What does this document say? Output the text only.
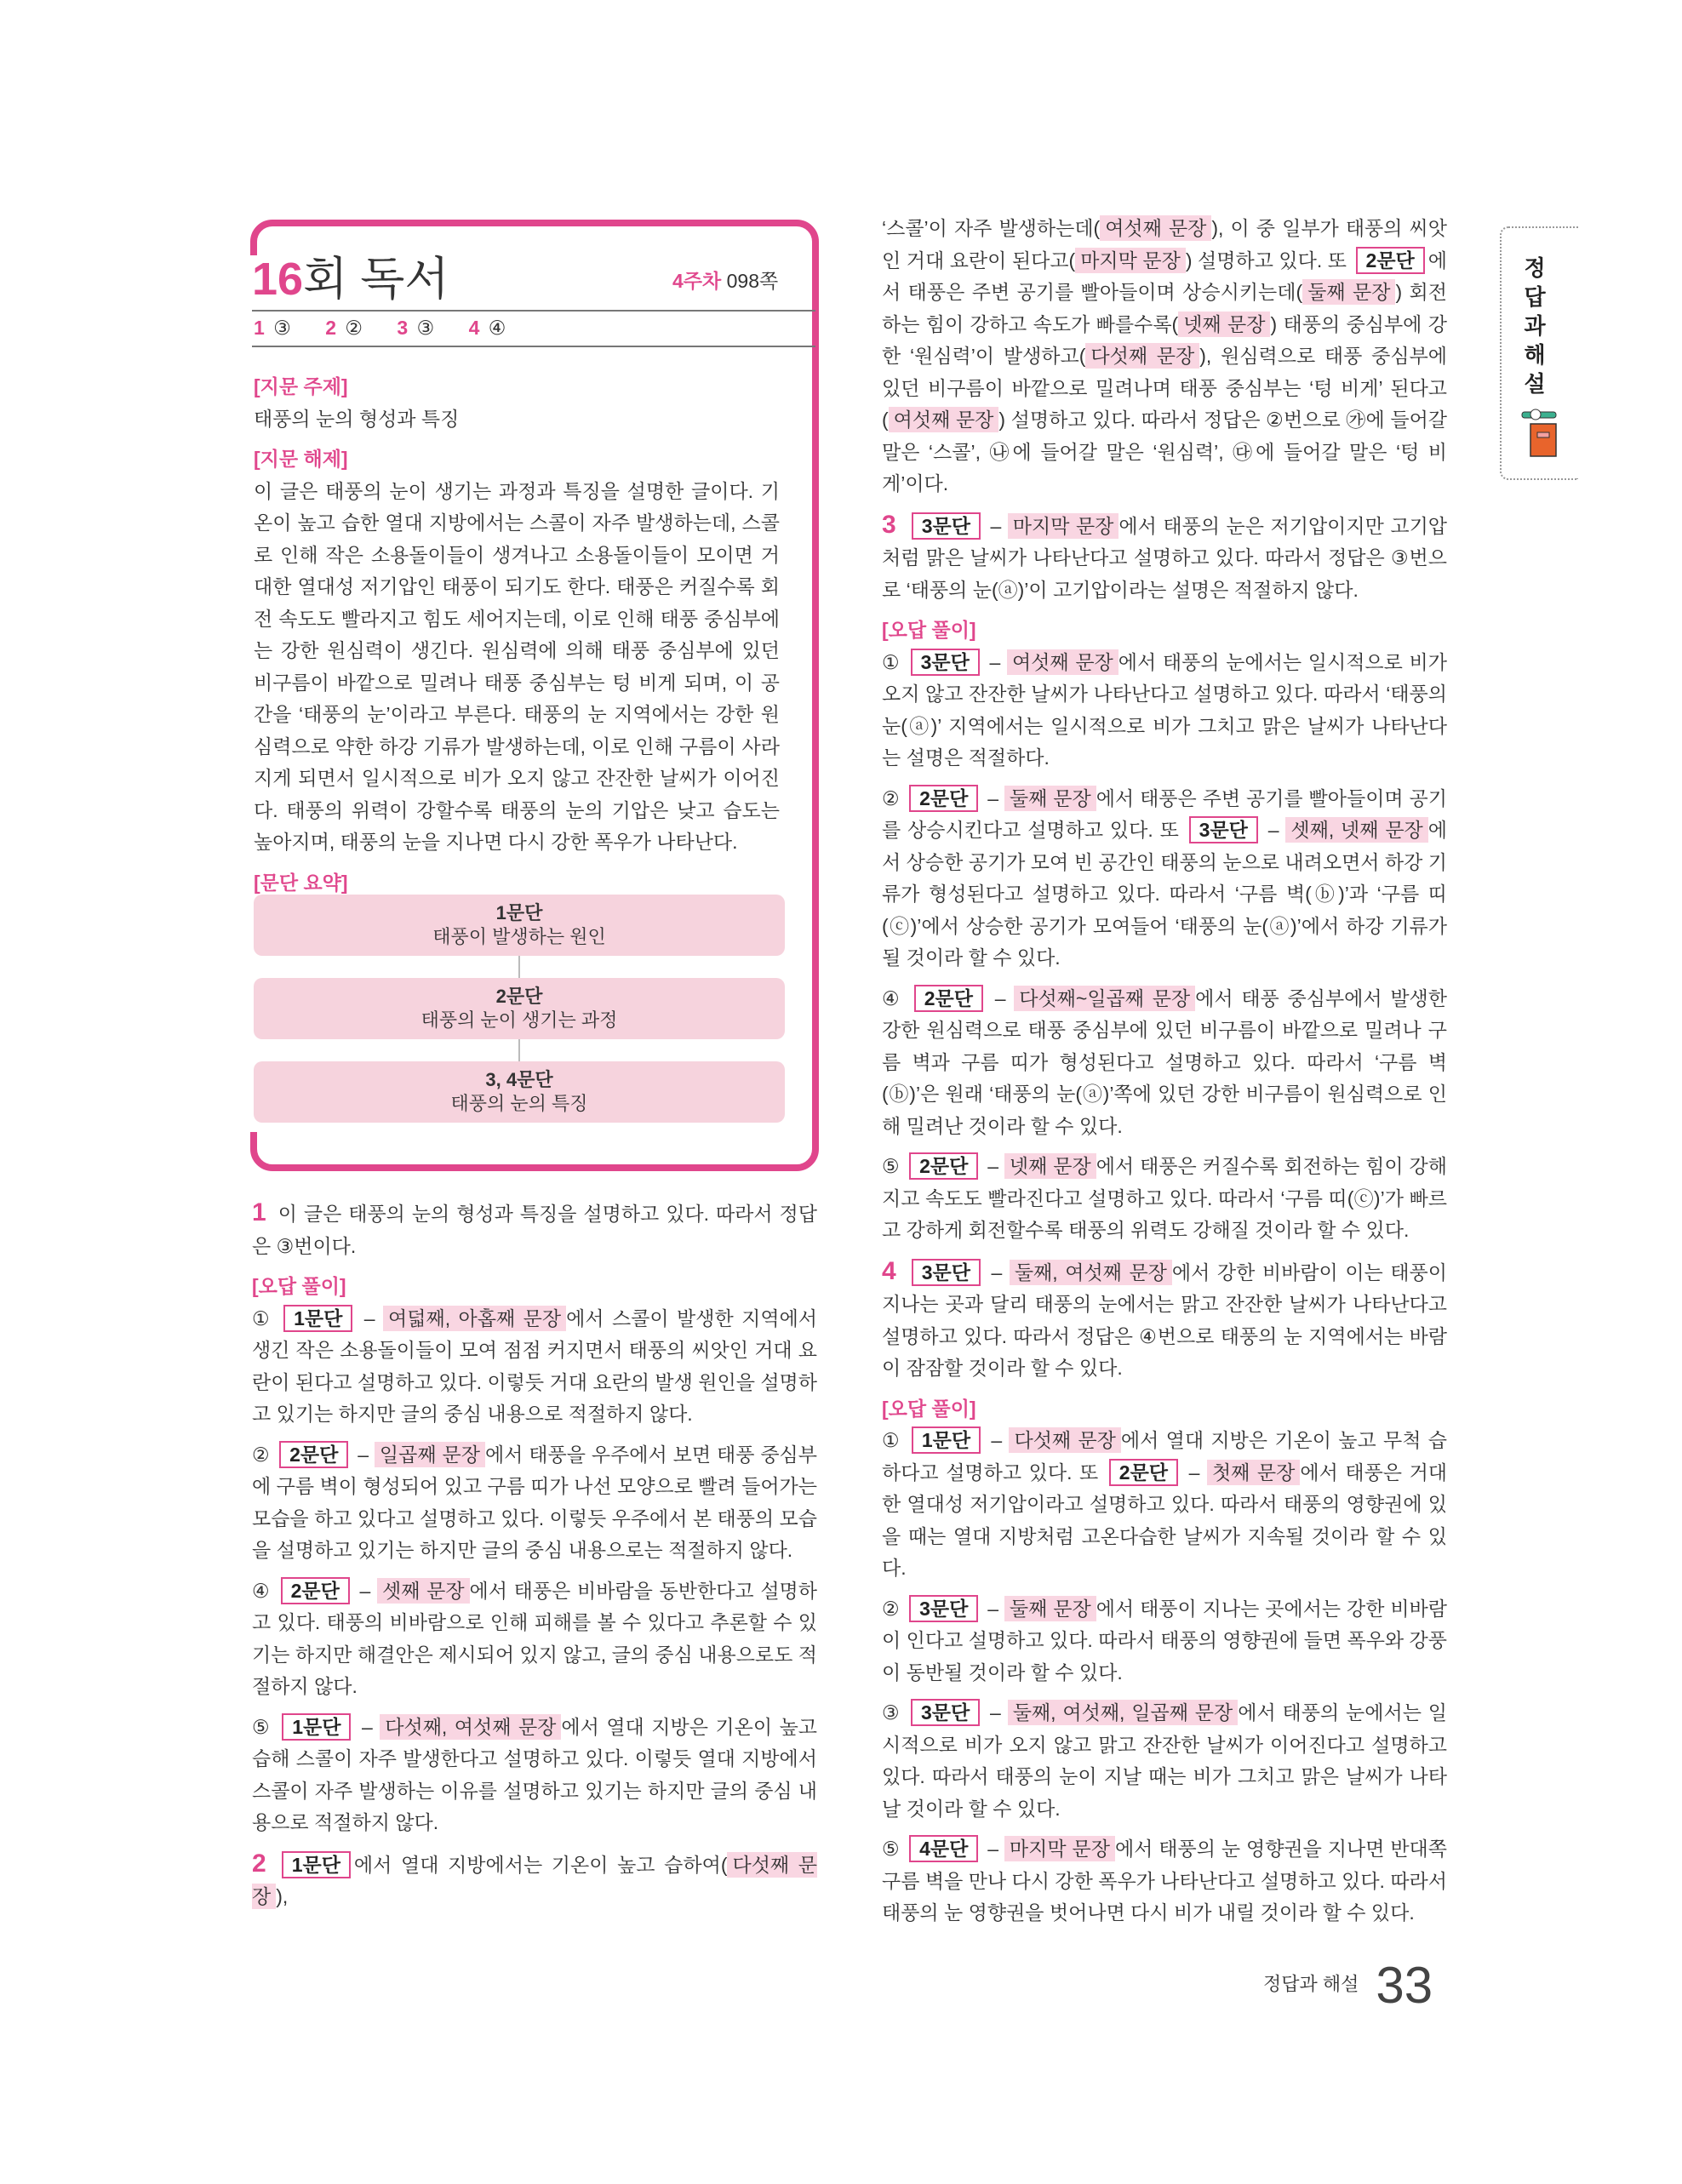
16회 독서	4주차 098쪽
1 ③ 2 ② 3 ③ 4 ④
[지문 주제]
태풍의 눈의 형성과 특징
[지문 해제]
이 글은 태풍의 눈이 생기는 과정과 특징을 설명한 글이다. 기온이 높고 습한 열대 지방에서는 스콜이 자주 발생하는데, 스콜로 인해 작은 소용돌이들이 생겨나고 소용돌이들이 모이면 거대한 열대성 저기압인 태풍이 되기도 한다. 태풍은 커질수록 회전 속도도 빨라지고 힘도 세어지는데, 이로 인해 태풍 중심부에는 강한 원심력이 생긴다. 원심력에 의해 태풍 중심부에 있던 비구름이 바깥으로 밀려나 태풍 중심부는 텅 비게 되며, 이 공간을 ‘태풍의 눈’이라고 부른다. 태풍의 눈 지역에서는 강한 원심력으로 약한 하강 기류가 발생하는데, 이로 인해 구름이 사라지게 되면서 일시적으로 비가 오지 않고 잔잔한 날씨가 이어진다. 태풍의 위력이 강할수록 태풍의 눈의 기압은 낮고 습도는 높아지며, 태풍의 눈을 지나면 다시 강한 폭우가 나타난다.
[문단 요약]
1문단
태풍이 발생하는 원인
2문단
태풍의 눈이 생기는 과정
3, 4문단
태풍의 눈의 특징
1 이 글은 태풍의 눈의 형성과 특징을 설명하고 있다. 따라서 정답은 ③번이다.
[오답 풀이]
① 1문단 – 여덟째, 아홉째 문장 에서 스콜이 발생한 지역에서 생긴 작은 소용돌이들이 모여 점점 커지면서 태풍의 씨앗인 거대 요란이 된다고 설명하고 있다. 이렇듯 거대 요란의 발생 원인을 설명하고 있기는 하지만 글의 중심 내용으로 적절하지 않다.
② 2문단 – 일곱째 문장 에서 태풍을 우주에서 보면 태풍 중심부에 구름 벽이 형성되어 있고 구름 띠가 나선 모양으로 빨려 들어가는 모습을 하고 있다고 설명하고 있다. 이렇듯 우주에서 본 태풍의 모습을 설명하고 있기는 하지만 글의 중심 내용으로는 적절하지 않다.
④ 2문단 – 셋째 문장 에서 태풍은 비바람을 동반한다고 설명하고 있다. 태풍의 비바람으로 인해 피해를 볼 수 있다고 추론할 수 있기는 하지만 해결안은 제시되어 있지 않고, 글의 중심 내용으로도 적절하지 않다.
⑤ 1문단 – 다섯째, 여섯째 문장 에서 열대 지방은 기온이 높고 습해 스콜이 자주 발생한다고 설명하고 있다. 이렇듯 열대 지방에서 스콜이 자주 발생하는 이유를 설명하고 있기는 하지만 글의 중심 내용으로 적절하지 않다.
2 1문단 에서 열대 지방에서는 기온이 높고 습하여( 다섯째 문장 ),
‘스콜’이 자주 발생하는데( 여섯째 문장 ), 이 중 일부가 태풍의 씨앗인 거대 요란이 된다고( 마지막 문장 ) 설명하고 있다. 또 2문단 에서 태풍은 주변 공기를 빨아들이며 상승시키는데( 둘째 문장 ) 회전하는 힘이 강하고 속도가 빠를수록( 넷째 문장 ) 태풍의 중심부에 강한 ‘원심력’이 발생하고( 다섯째 문장 ), 원심력으로 태풍 중심부에 있던 비구름이 바깥으로 밀려나며 태풍 중심부는 ‘텅 비게’ 된다고( 여섯째 문장 ) 설명하고 있다. 따라서 정답은 ②번으로 ㉮에 들어갈 말은 ‘스콜’, ㉯에 들어갈 말은 ‘원심력’, ㉰에 들어갈 말은 ‘텅 비게’이다.
3 3문단 – 마지막 문장 에서 태풍의 눈은 저기압이지만 고기압처럼 맑은 날씨가 나타난다고 설명하고 있다. 따라서 정답은 ③번으로 ‘태풍의 눈(ⓐ)’이 고기압이라는 설명은 적절하지 않다.
[오답 풀이]
① 3문단 – 여섯째 문장 에서 태풍의 눈에서는 일시적으로 비가 오지 않고 잔잔한 날씨가 나타난다고 설명하고 있다. 따라서 ‘태풍의 눈(ⓐ)’ 지역에서는 일시적으로 비가 그치고 맑은 날씨가 나타난다는 설명은 적절하다.
② 2문단 – 둘째 문장 에서 태풍은 주변 공기를 빨아들이며 공기를 상승시킨다고 설명하고 있다. 또 3문단 – 셋째, 넷째 문장 에서 상승한 공기가 모여 빈 공간인 태풍의 눈으로 내려오면서 하강 기류가 형성된다고 설명하고 있다. 따라서 ‘구름 벽(ⓑ)’과 ‘구름 띠(ⓒ)’에서 상승한 공기가 모여들어 ‘태풍의 눈(ⓐ)’에서 하강 기류가 될 것이라 할 수 있다.
④ 2문단 – 다섯째~일곱째 문장 에서 태풍 중심부에서 발생한 강한 원심력으로 태풍 중심부에 있던 비구름이 바깥으로 밀려나 구름 벽과 구름 띠가 형성된다고 설명하고 있다. 따라서 ‘구름 벽(ⓑ)’은 원래 ‘태풍의 눈(ⓐ)’쪽에 있던 강한 비구름이 원심력으로 인해 밀려난 것이라 할 수 있다.
⑤ 2문단 – 넷째 문장 에서 태풍은 커질수록 회전하는 힘이 강해지고 속도도 빨라진다고 설명하고 있다. 따라서 ‘구름 띠(ⓒ)’가 빠르고 강하게 회전할수록 태풍의 위력도 강해질 것이라 할 수 있다.
4 3문단 – 둘째, 여섯째 문장 에서 강한 비바람이 이는 태풍이 지나는 곳과 달리 태풍의 눈에서는 맑고 잔잔한 날씨가 나타난다고 설명하고 있다. 따라서 정답은 ④번으로 태풍의 눈 지역에서는 바람이 잠잠할 것이라 할 수 있다.
[오답 풀이]
① 1문단 – 다섯째 문장 에서 열대 지방은 기온이 높고 무척 습하다고 설명하고 있다. 또 2문단 – 첫째 문장 에서 태풍은 거대한 열대성 저기압이라고 설명하고 있다. 따라서 태풍의 영향권에 있을 때는 열대 지방처럼 고온다습한 날씨가 지속될 것이라 할 수 있다.
② 3문단 – 둘째 문장 에서 태풍이 지나는 곳에서는 강한 비바람이 인다고 설명하고 있다. 따라서 태풍의 영향권에 들면 폭우와 강풍이 동반될 것이라 할 수 있다.
③ 3문단 – 둘째, 여섯째, 일곱째 문장 에서 태풍의 눈에서는 일시적으로 비가 오지 않고 맑고 잔잔한 날씨가 이어진다고 설명하고 있다. 따라서 태풍의 눈이 지날 때는 비가 그치고 맑은 날씨가 나타날 것이라 할 수 있다.
⑤ 4문단 – 마지막 문장 에서 태풍의 눈 영향권을 지나면 반대쪽 구름 벽을 만나 다시 강한 폭우가 나타난다고 설명하고 있다. 따라서 태풍의 눈 영향권을 벗어나면 다시 비가 내릴 것이라 할 수 있다.
정답과해설
정답과 해설 33
